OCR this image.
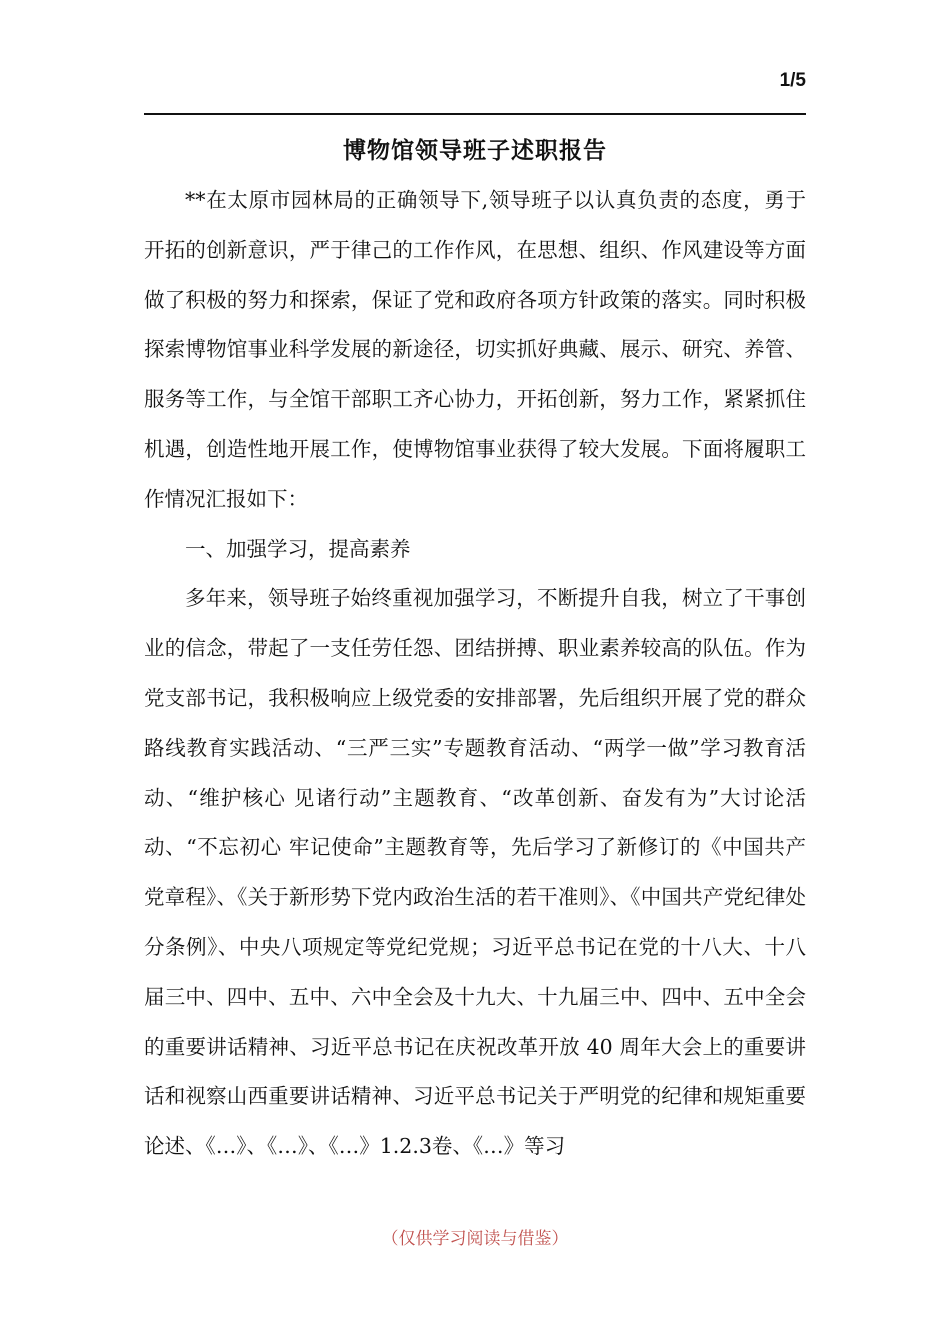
1/5
博物馆领导班子述职报告

**在太原市园林局的正确领导下,领导班子以认真负责的态度，勇于开拓的创新意识，严于律己的工作作风，在思想、组织、作风建设等方面做了积极的努力和探索，保证了党和政府各项方针政策的落实。同时积极探索博物馆事业科学发展的新途径，切实抓好典藏、展示、研究、养管、服务等工作，与全馆干部职工齐心协力，开拓创新，努力工作，紧紧抓住机遇，创造性地开展工作，使博物馆事业获得了较大发展。下面将履职工作情况汇报如下：

一、加强学习，提高素养

多年来，领导班子始终重视加强学习，不断提升自我，树立了干事创业的信念，带起了一支任劳任怨、团结拼搏、职业素养较高的队伍。作为党支部书记，我积极响应上级党委的安排部署，先后组织开展了党的群众路线教育实践活动、“三严三实”专题教育活动、“两学一做”学习教育活动、“维护核心 见诸行动”主题教育、“改革创新、奋发有为”大讨论活动、“不忘初心 牢记使命”主题教育等，先后学习了新修订的《中国共产党章程》、《关于新形势下党内政治生活的若干准则》、《中国共产党纪律处分条例》、中央八项规定等党纪党规；习近平总书记在党的十八大、十八届三中、四中、五中、六中全会及十九大、十九届三中、四中、五中全会的重要讲话精神、习近平总书记在庆祝改革开放 40 周年大会上的重要讲话和视察山西重要讲话精神、习近平总书记关于严明党的纪律和规矩重要论述、《…》、《…》、《…》1.2.3卷、《…》等习

（仅供学习阅读与借鉴）
